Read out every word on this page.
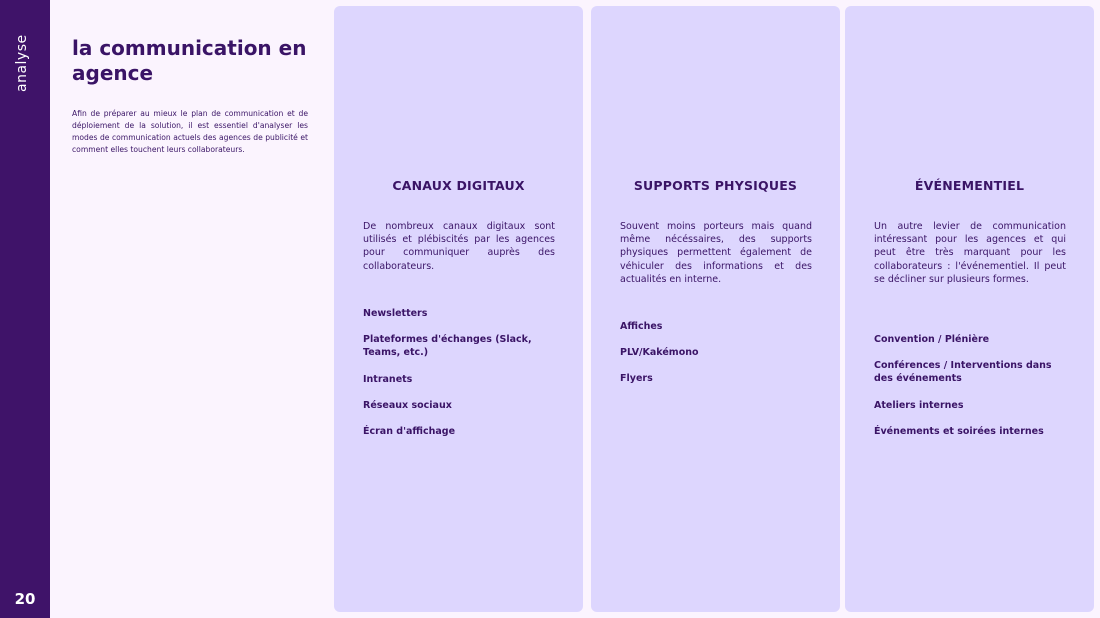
analyse
20
la communication en agence

Afin de préparer au mieux le plan de communication et de déploiement de la solution, il est essentiel d'analyser les modes de communication actuels des agences de publicité et comment elles touchent leurs collaborateurs.

CANAUX DIGITAUX

De nombreux canaux digitaux sont utilisés et plébiscités par les agences pour communiquer auprès des collaborateurs.

Newsletters
Plateformes d'échanges (Slack, Teams, etc.)
Intranets
Réseaux sociaux
Écran d'affichage
SUPPORTS PHYSIQUES

Souvent moins porteurs mais quand même nécéssaires, des supports physiques permettent également de véhiculer des informations et des actualités en interne.

Affiches
PLV/Kakémono
Flyers
ÉVÉNEMENTIEL

Un autre levier de communication intéressant pour les agences et qui peut être très marquant pour les collaborateurs : l'événementiel. Il peut se décliner sur plusieurs formes.

Convention / Plénière
Conférences / Interventions dans des événements
Ateliers internes
Événements et soirées internes
